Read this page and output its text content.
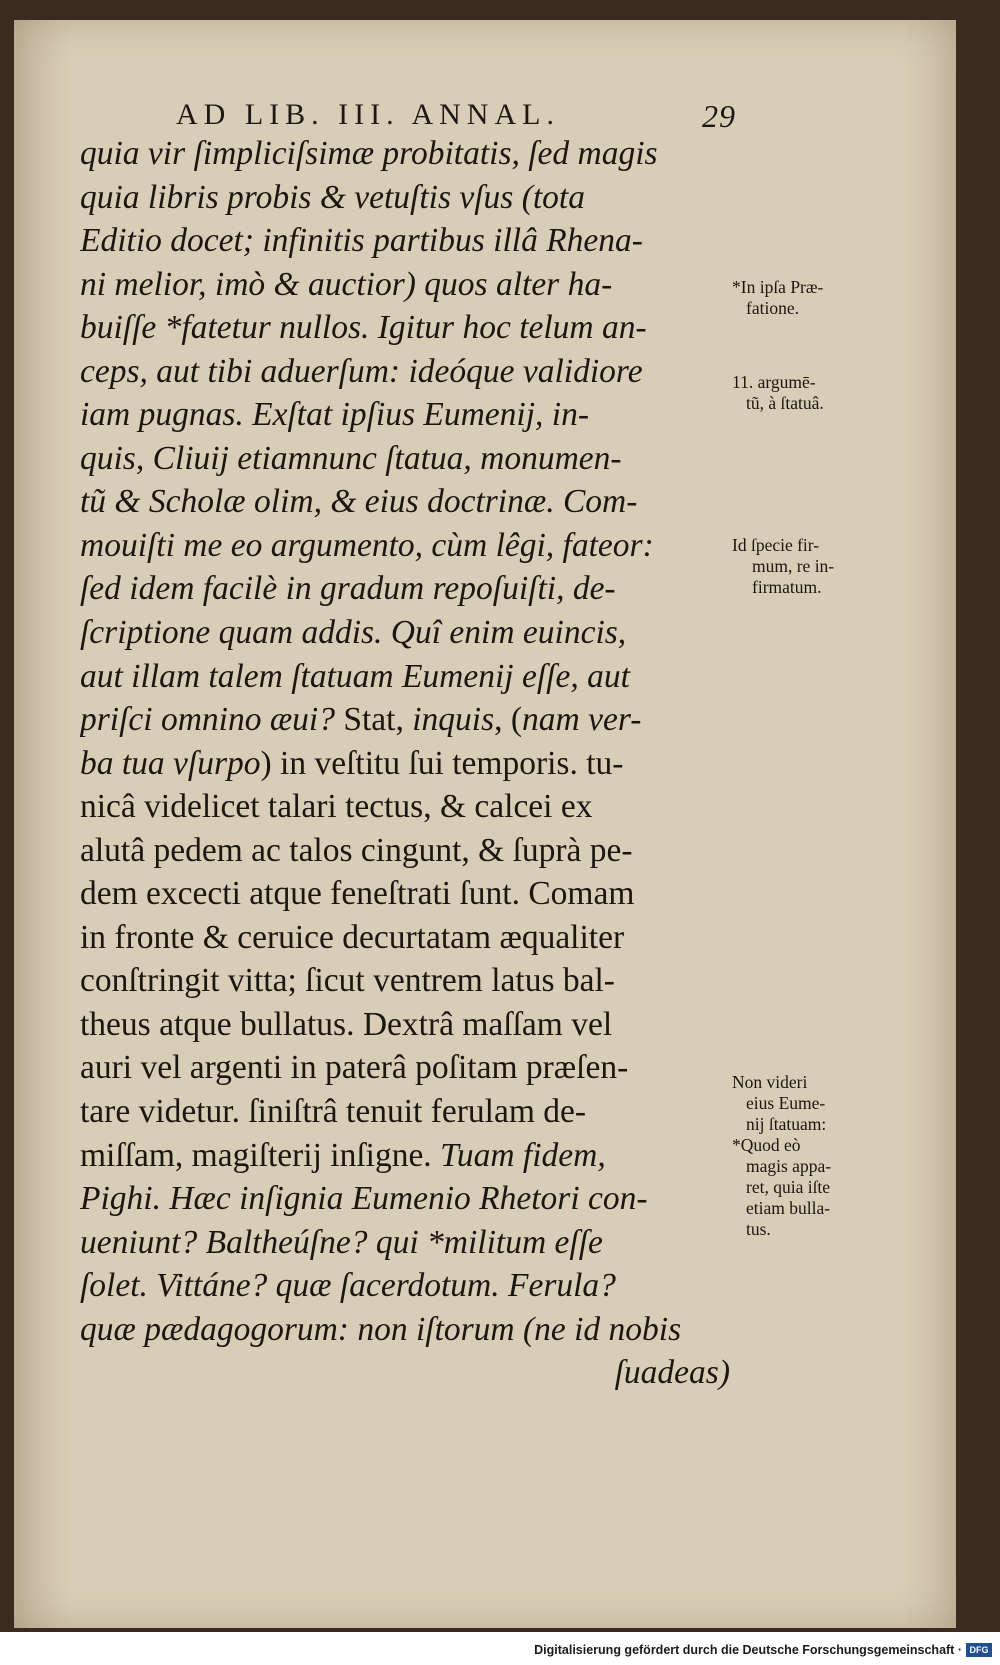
AD LIB. III. ANNAL.	29
quia vir ſimpliciſsimæ probitatis, ſed magis
quia libris probis & vetuſtis vſus (tota
Editio docet; infinitis partibus illâ Rhena-
ni melior, imò & auctior) quos alter ha-
buiſſe *fatetur nullos. Igitur hoc telum an-
ceps, aut tibi aduerſum: ideóque validiore
iam pugnas. Exſtat ipſius Eumenij, in-
quis, Cliuij etiamnunc ſtatua, monumen-
tũ & Scholæ olim, & eius doctrinæ. Com-
mouiſti me eo argumento, cùm lêgi, fateor:
ſed idem facilè in gradum repoſuiſti, de-
ſcriptione quam addis. Quî enim euincis,
aut illam talem ſtatuam Eumenij eſſe, aut
priſci omnino æui? Stat, inquis, (nam ver-
ba tua vſurpo) in veſtitu ſui temporis. tu-
nicâ videlicet talari tectus, & calcei ex
alutâ pedem ac talos cingunt, & ſuprà pe-
dem excecti atque feneſtrati ſunt. Comam
in fronte & ceruice decurtatam æqualiter
conſtringit vitta; ſicut ventrem latus bal-
theus atque bullatus. Dextrâ maſſam vel
auri vel argenti in paterâ poſitam præſen-
tare videtur. ſiniſtrâ tenuit ferulam de-
miſſam, magiſterij inſigne. Tuam fidem,
Pighi. Hæc inſignia Eumenio Rhetori con-
ueniunt? Baltheúſne? qui *militum eſſe
ſolet. Vittáne? quæ ſacerdotum. Ferula?
quæ pædagogorum: non iſtorum (ne id nobis
ſuadeas)
*In ipſa Præ-
fatione.
11. argumē-
tũ, à ſtatuâ.
Id ſpecie fir-
mum, re in-
firmatum.
Non videri
eius Eume-
nij ſtatuam:
*Quod eò
magis appa-
ret, quia iſte
etiam bulla-
tus.
Digitalisierung gefördert durch die Deutsche Forschungsgemeinschaft · DFG
